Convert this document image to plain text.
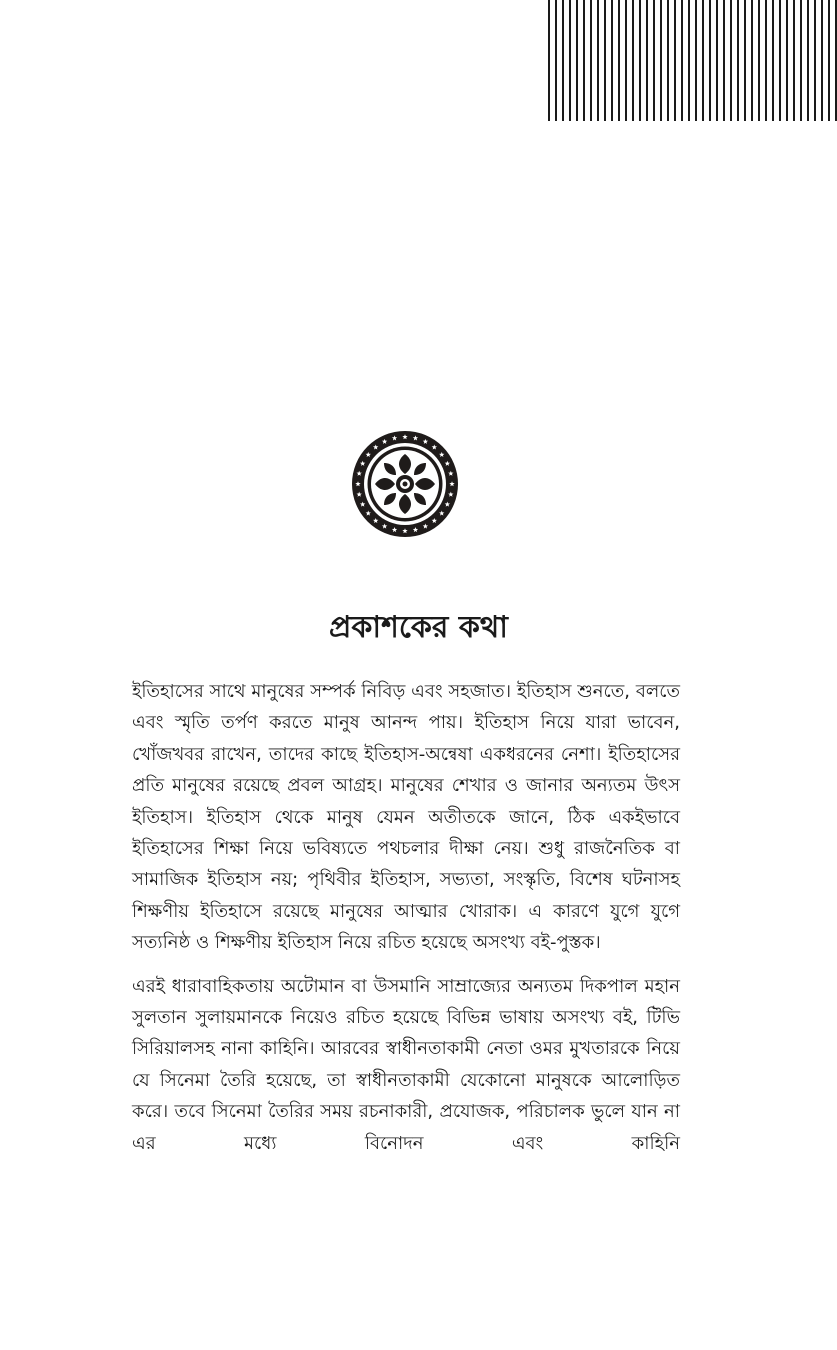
প্রকাশকের কথা

ইতিহাসের সাথে মানুষের সম্পর্ক নিবিড় এবং সহজাত। ইতিহাস শুনতে, বলতে এবং স্মৃতি তর্পণ করতে মানুষ আনন্দ পায়। ইতিহাস নিয়ে যারা ভাবেন, খোঁজখবর রাখেন, তাদের কাছে ইতিহাস-অন্বেষা একধরনের নেশা। ইতিহাসের প্রতি মানুষের রয়েছে প্রবল আগ্রহ। মানুষের শেখার ও জানার অন্যতম উৎস ইতিহাস। ইতিহাস থেকে মানুষ যেমন অতীতকে জানে, ঠিক একইভাবে ইতিহাসের শিক্ষা নিয়ে ভবিষ্যতে পথচলার দীক্ষা নেয়। শুধু রাজনৈতিক বা সামাজিক ইতিহাস নয়; পৃথিবীর ইতিহাস, সভ্যতা, সংস্কৃতি, বিশেষ ঘটনাসহ শিক্ষণীয় ইতিহাসে রয়েছে মানুষের আত্মার খোরাক। এ কারণে যুগে যুগে সত্যনিষ্ঠ ও শিক্ষণীয় ইতিহাস নিয়ে রচিত হয়েছে অসংখ্য বই-পুস্তক।

এরই ধারাবাহিকতায় অটোমান বা উসমানি সাম্রাজ্যের অন্যতম দিকপাল মহান সুলতান সুলায়মানকে নিয়েও রচিত হয়েছে বিভিন্ন ভাষায় অসংখ্য বই, টিভি সিরিয়ালসহ নানা কাহিনি। আরবের স্বাধীনতাকামী নেতা ওমর মুখতারকে নিয়ে যে সিনেমা তৈরি হয়েছে, তা স্বাধীনতাকামী যেকোনো মানুষকে আলোড়িত করে। তবে সিনেমা তৈরির সময় রচনাকারী, প্রযোজক, পরিচালক ভুলে যান না এর মধ্যে বিনোদন এবং কাহিনি
